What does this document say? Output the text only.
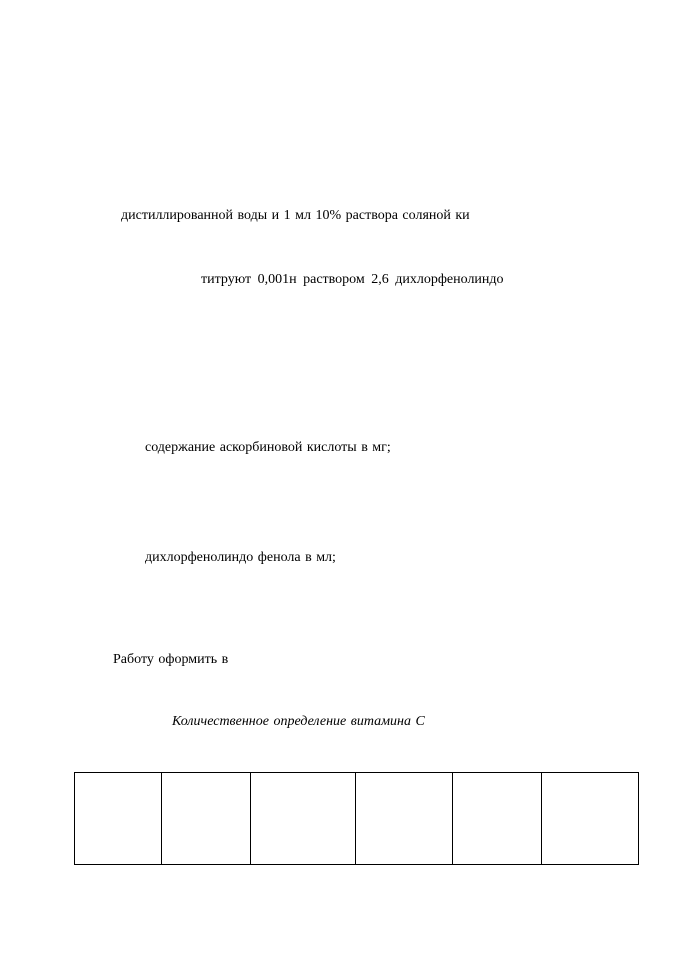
дистиллированной воды и 1 мл 10% раствора соляной ки
титруют 0,001н раствором 2,6 дихлорфенолиндо
содержание аскорбиновой кислоты в мг;
дихлорфенолиндо фенола в мл;
Работу оформить в
Количественное определение витамина С
